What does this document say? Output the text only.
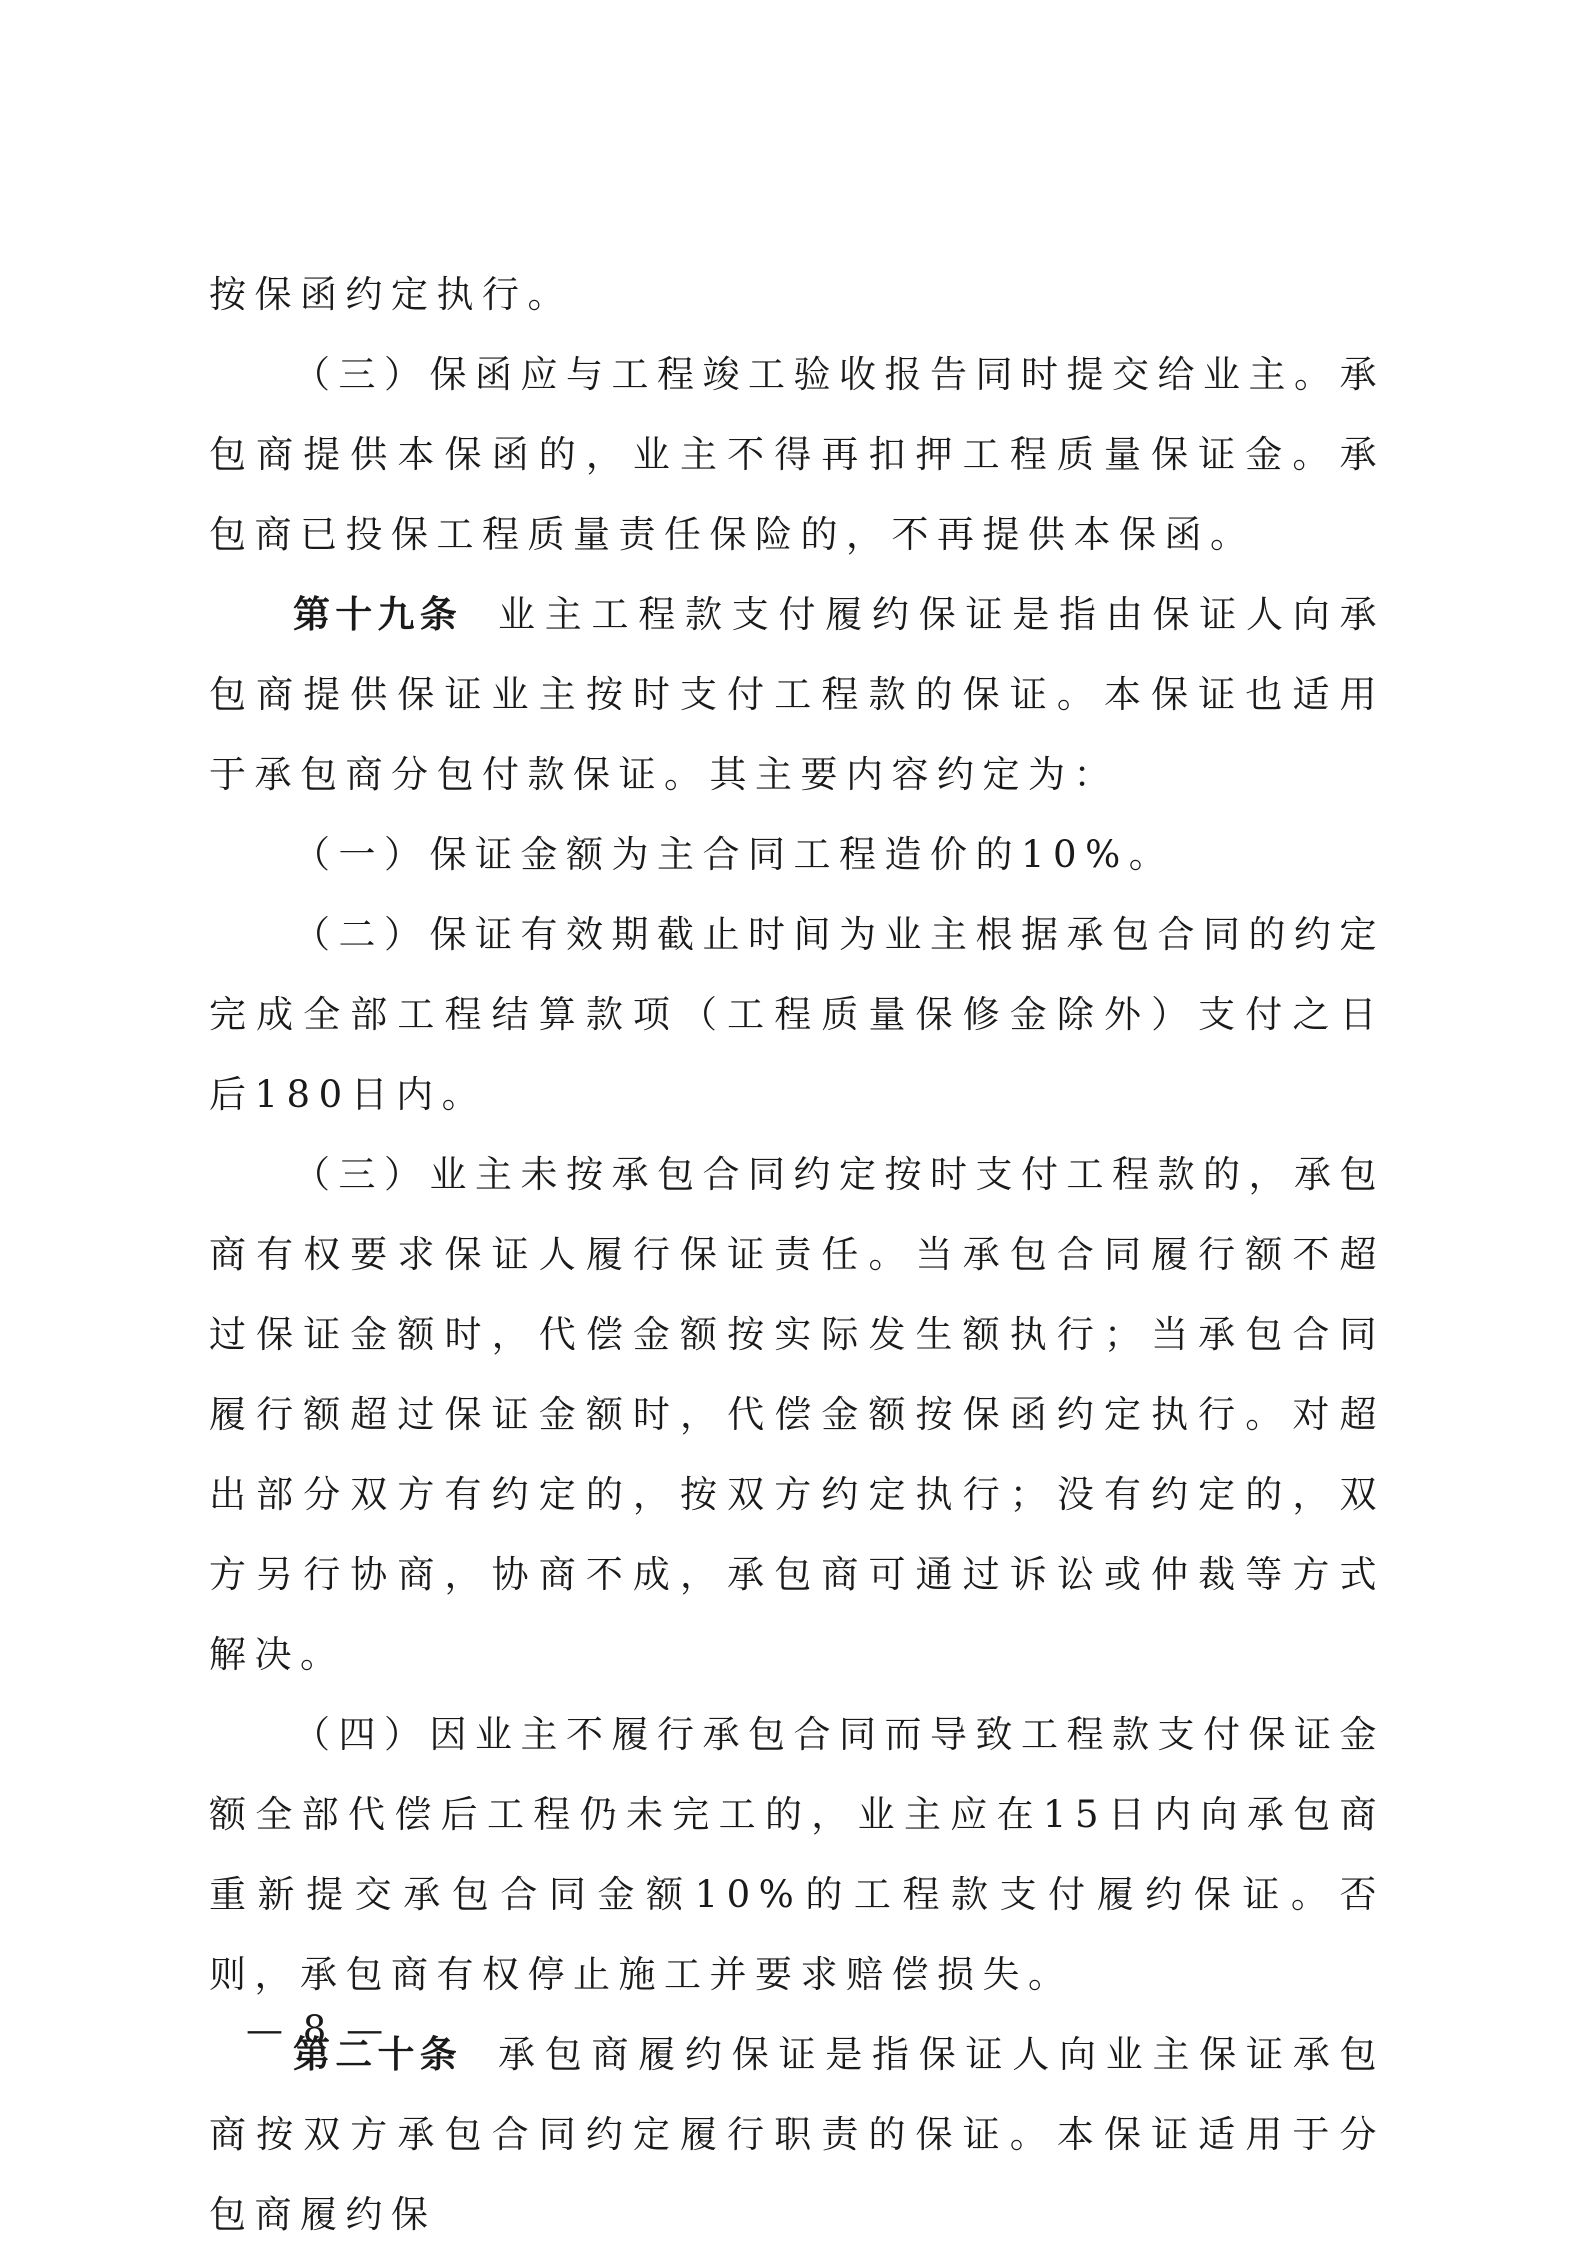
按保函约定执行。

（三）保函应与工程竣工验收报告同时提交给业主。承包商提供本保函的，业主不得再扣押工程质量保证金。承包商已投保工程质量责任保险的，不再提供本保函。

第十九条 业主工程款支付履约保证是指由保证人向承包商提供保证业主按时支付工程款的保证。本保证也适用于承包商分包付款保证。其主要内容约定为：

（一）保证金额为主合同工程造价的10%。

（二）保证有效期截止时间为业主根据承包合同的约定完成全部工程结算款项（工程质量保修金除外）支付之日后180日内。

（三）业主未按承包合同约定按时支付工程款的，承包商有权要求保证人履行保证责任。当承包合同履行额不超过保证金额时，代偿金额按实际发生额执行；当承包合同履行额超过保证金额时，代偿金额按保函约定执行。对超出部分双方有约定的，按双方约定执行；没有约定的，双方另行协商，协商不成，承包商可通过诉讼或仲裁等方式解决。

（四）因业主不履行承包合同而导致工程款支付保证金额全部代偿后工程仍未完工的，业主应在15日内向承包商重新提交承包合同金额10%的工程款支付履约保证。否则，承包商有权停止施工并要求赔偿损失。

第二十条 承包商履约保证是指保证人向业主保证承包商按双方承包合同约定履行职责的保证。本保证适用于分包商履约保

— 8 —
